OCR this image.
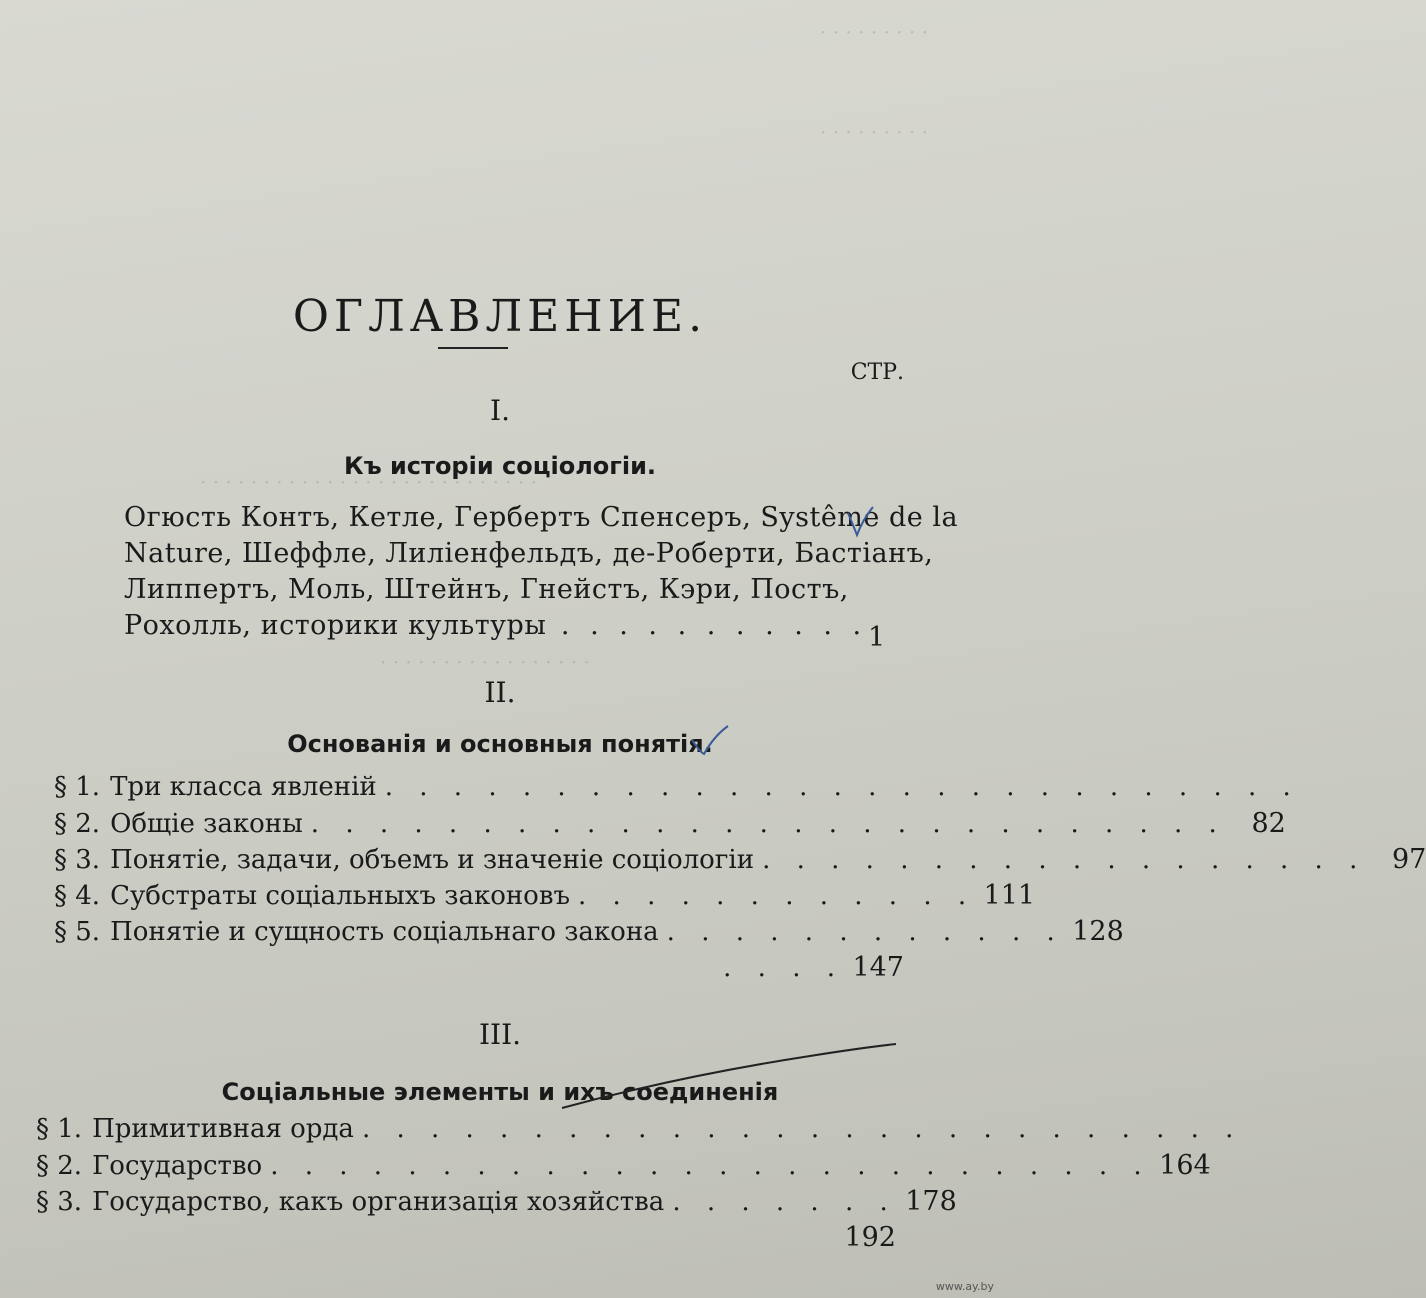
· · · · · · · · ·
· · · · · · · · ·
· · · · · · · · · · · · · · · · · · · · · · · · · · ·
· · · · · · · · · · · · · · · · ·
ОГЛАВЛЕНИЕ.
СТР.
I.
Къ исторіи соціологіи.
Огюсть Контъ, Кетле, Гербертъ Спенсеръ, Systême de la
Nature, Шеффле, Лилiенфельдъ, де-Роберти, Бастiанъ,
Липпертъ, Моль, Штейнъ, Гнейстъ, Кэри, Постъ,
Рохолль, историки культуры . . . . . . . . . . . 1
II.
Основанія и основныя понятія.
§ 1. Три класса явленій . . . . . . . . . . . . . . . . . . . . . . . . . . .
§ 2. Общіе законы . . . . . . . . . . . . . . . . . . . . . . . . . . . 82
§ 3. Понятіе, задачи, объемъ и значеніе соціологіи . . . . . . . . . . . . . . . . . . 97
§ 4. Субстраты соціальныхъ законовъ . . . . . . . . . . . . 111
§ 5. Понятіе и сущность соціальнаго закона . . . . . . . . . . . . 128
. . . . 147
III.
Соціальные элементы и ихъ соединенія
§ 1. Примитивная орда . . . . . . . . . . . . . . . . . . . . . . . . . .
§ 2. Государство . . . . . . . . . . . . . . . . . . . . . . . . . . 164
§ 3. Государство, какъ организація хозяйства . . . . . . . 178
192
www.ay.by
